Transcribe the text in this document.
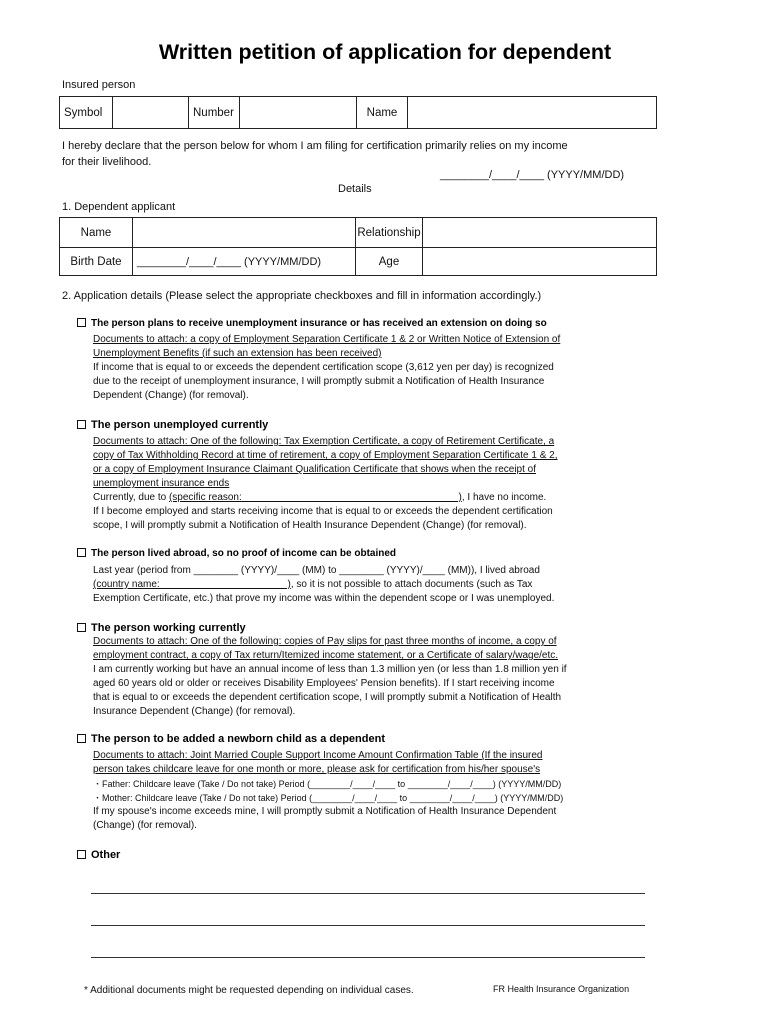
Written petition of application for dependent
Insured person
Symbol		Number		Name	
I hereby declare that the person below for whom I am filing for certification primarily relies on my income
for their livelihood.
________/____/____ (YYYY/MM/DD)
Details
1. Dependent applicant
Name		Relationship	
Birth Date	________/____/____ (YYYY/MM/DD)	Age	
2. Application details (Please select the appropriate checkboxes and fill in information accordingly.)
The person plans to receive unemployment insurance or has received an extension on doing so
Documents to attach: a copy of Employment Separation Certificate 1 & 2 or Written Notice of Extension of
Unemployment Benefits (if such an extension has been received)
If income that is equal to or exceeds the dependent certification scope (3,612 yen per day) is recognized
due to the receipt of unemployment insurance, I will promptly submit a Notification of Health Insurance
Dependent (Change) (for removal).
The person unemployed currently
Documents to attach: One of the following: Tax Exemption Certificate, a copy of Retirement Certificate, a
copy of Tax Withholding Record at time of retirement, a copy of Employment Separation Certificate 1 & 2,
or a copy of Employment Insurance Claimant Qualification Certificate that shows when the receipt of
unemployment insurance ends
Currently, due to (specific reason:                                                                              ), I have no income.
If I become employed and starts receiving income that is equal to or exceeds the dependent certification
scope, I will promptly submit a Notification of Health Insurance Dependent (Change) (for removal).
The person lived abroad, so no proof of income can be obtained
Last year (period from ________ (YYYY)/____ (MM) to ________ (YYYY)/____ (MM)), I lived abroad
(country name:                                              ), so it is not possible to attach documents (such as Tax
Exemption Certificate, etc.) that prove my income was within the dependent scope or I was unemployed.
The person working currently
Documents to attach: One of the following: copies of Pay slips for past three months of income, a copy of
employment contract, a copy of Tax return/Itemized income statement, or a Certificate of salary/wage/etc.
I am currently working but have an annual income of less than 1.3 million yen (or less than 1.8 million yen if
aged 60 years old or older or receives Disability Employees' Pension benefits). If I start receiving income
that is equal to or exceeds the dependent certification scope, I will promptly submit a Notification of Health
Insurance Dependent (Change) (for removal).
The person to be added a newborn child as a dependent
Documents to attach: Joint Married Couple Support Income Amount Confirmation Table (If the insured
person takes childcare leave for one month or more, please ask for certification from his/her spouse's
・Father: Childcare leave (Take / Do not take) Period (________/____/____ to ________/____/____) (YYYY/MM/DD)
・Mother: Childcare leave (Take / Do not take) Period (________/____/____ to ________/____/____) (YYYY/MM/DD)
If my spouse's income exceeds mine, I will promptly submit a Notification of Health Insurance Dependent
(Change) (for removal).
Other
* Additional documents might be requested depending on individual cases.	FR Health Insurance Organization
